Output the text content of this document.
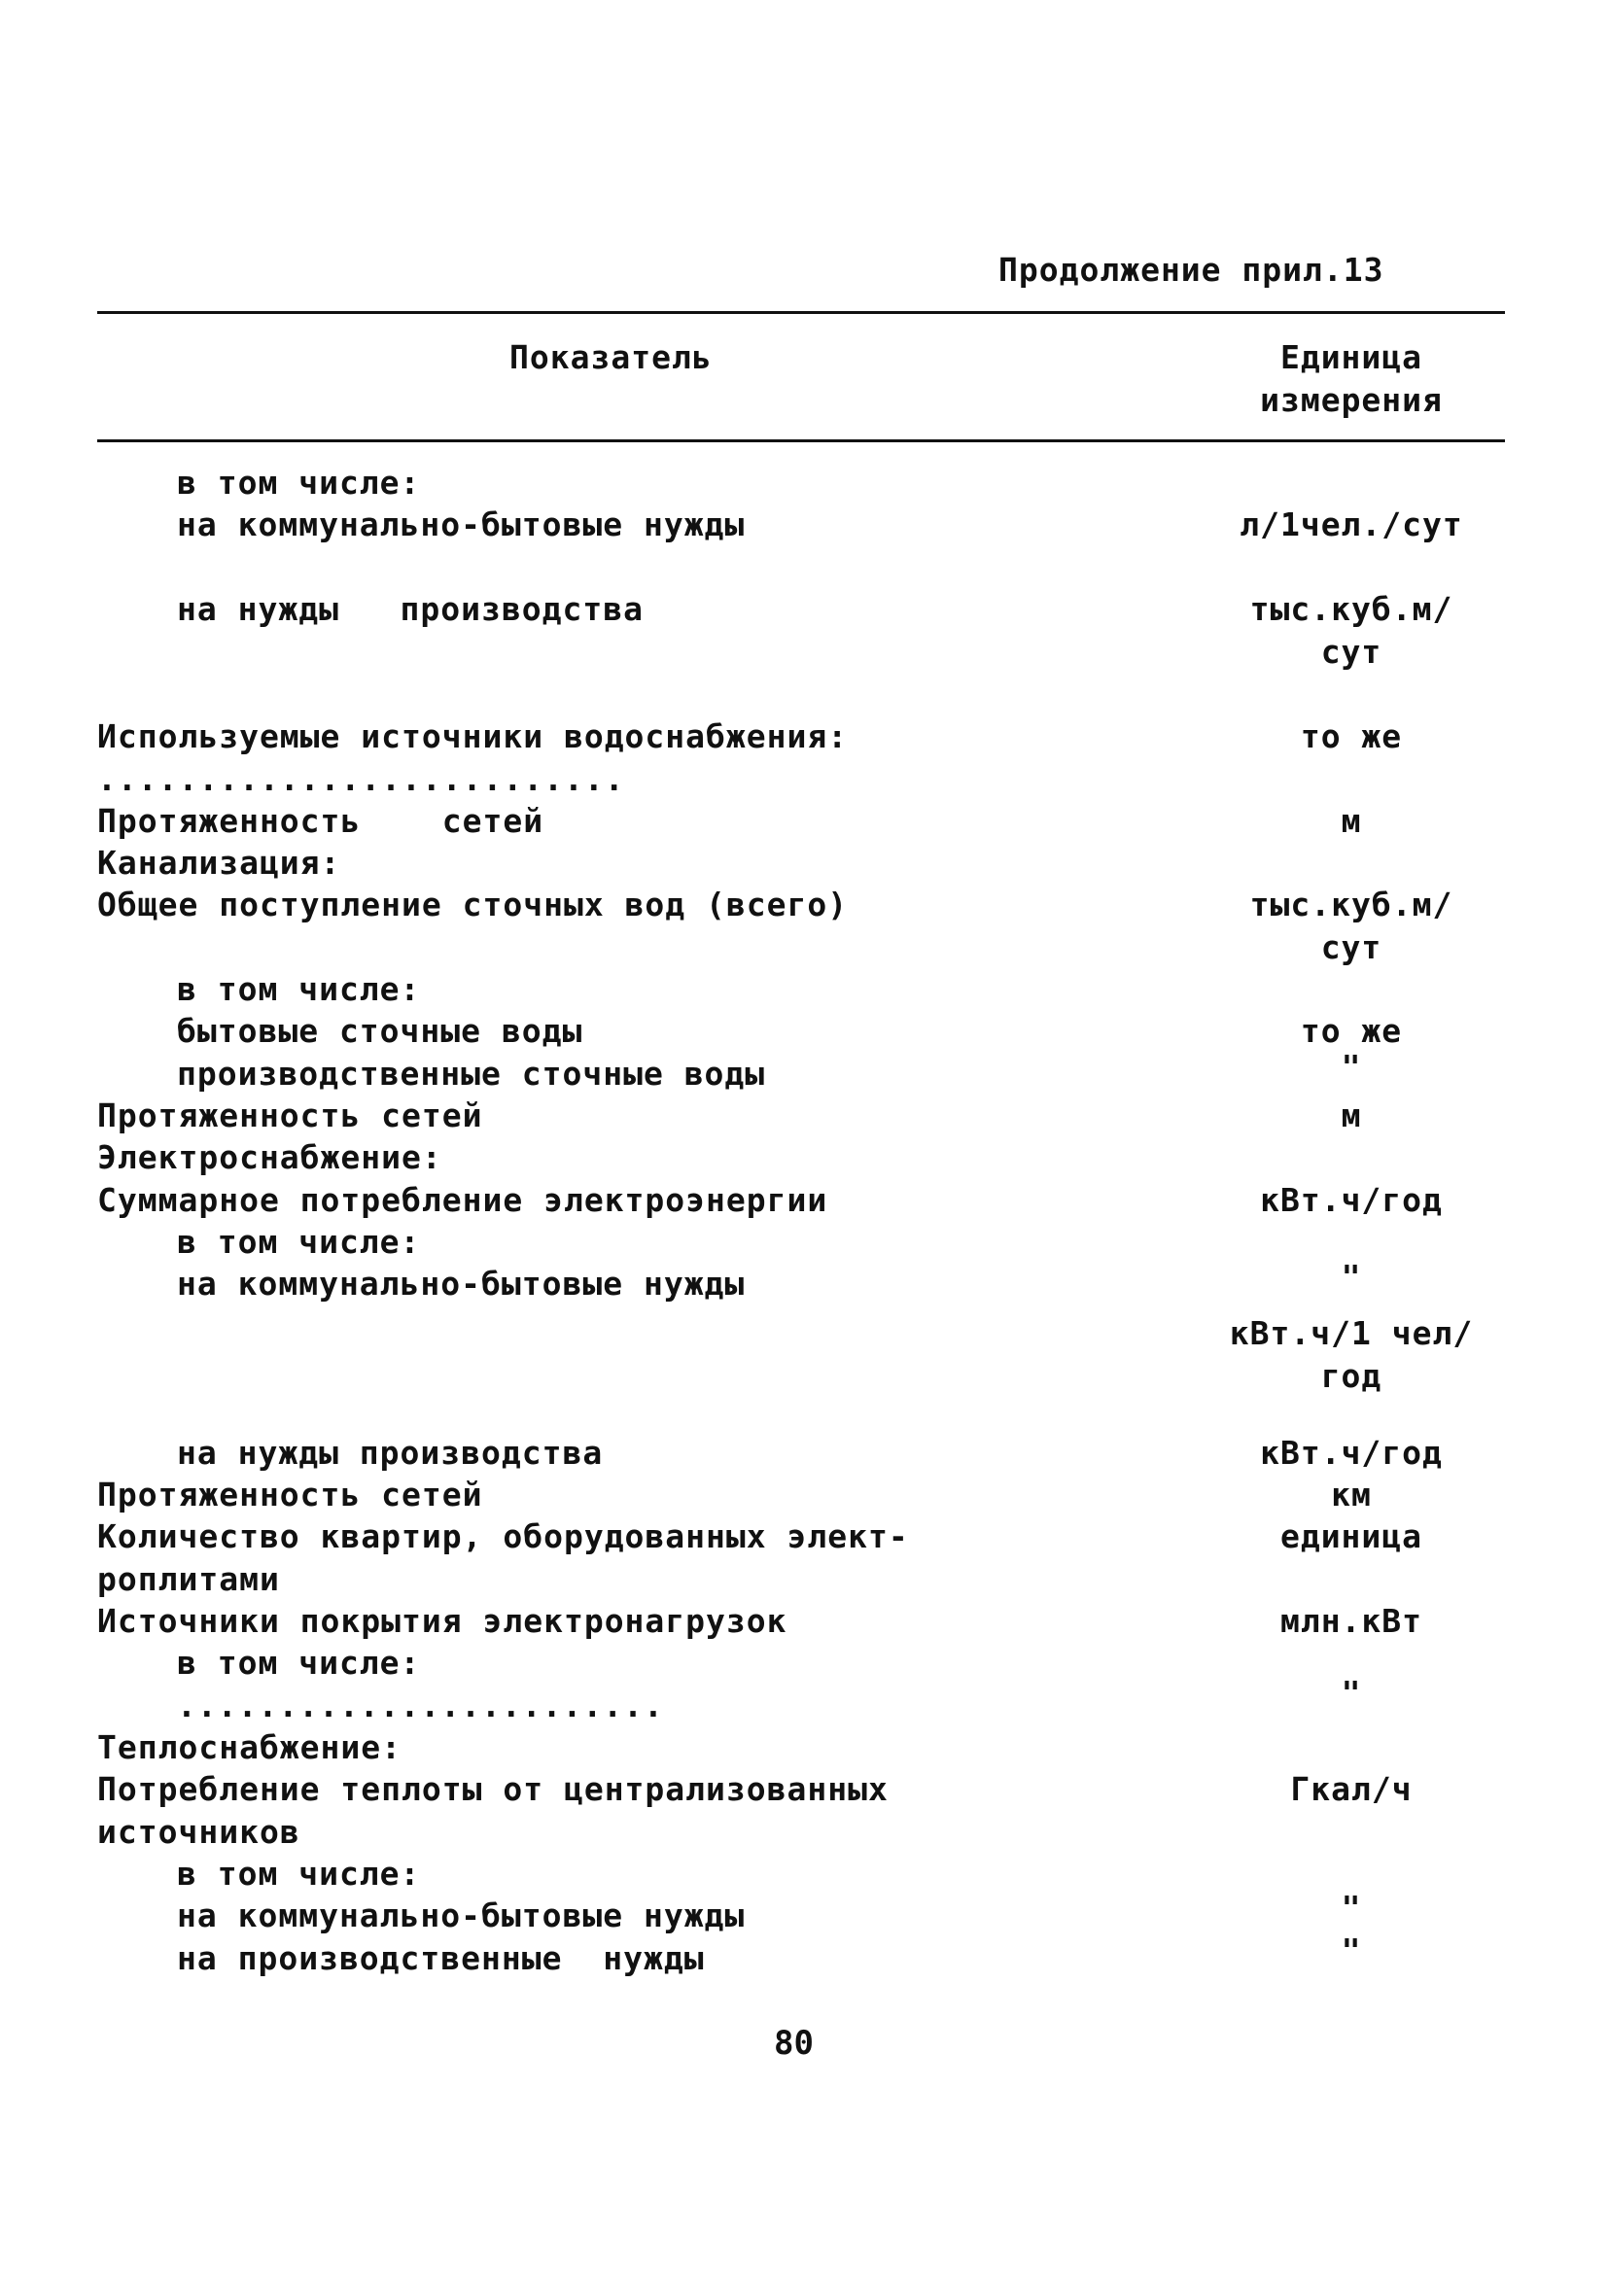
Продолжение прил.13
Показатель	Единица
измерения
в том числе:
на коммунально-бытовые нужды	л/1чел./сут
на нужды   производства	тыс.куб.м/
сут
Используемые источники водоснабжения:	то же
..........................
Протяженность    сетей	м
Канализация:
Общее поступление сточных вод (всего)	тыс.куб.м/
сут
в том числе:
бытовые сточные воды	то же
производственные сточные воды	"
Протяженность сетей	м
Электроснабжение:
Суммарное потребление электроэнергии	кВт.ч/год
в том числе:
на коммунально-бытовые нужды	"
кВт.ч/1 чел/
год
на нужды производства	кВт.ч/год
Протяженность сетей	км
Количество квартир, оборудованных элект-	единица
роплитами
Источники покрытия электронагрузок	млн.кВт
в том числе:
........................	"
Теплоснабжение:
Потребление теплоты от централизованных	Гкал/ч
источников
в том числе:
на коммунально-бытовые нужды	"
на производственные  нужды	"
80
